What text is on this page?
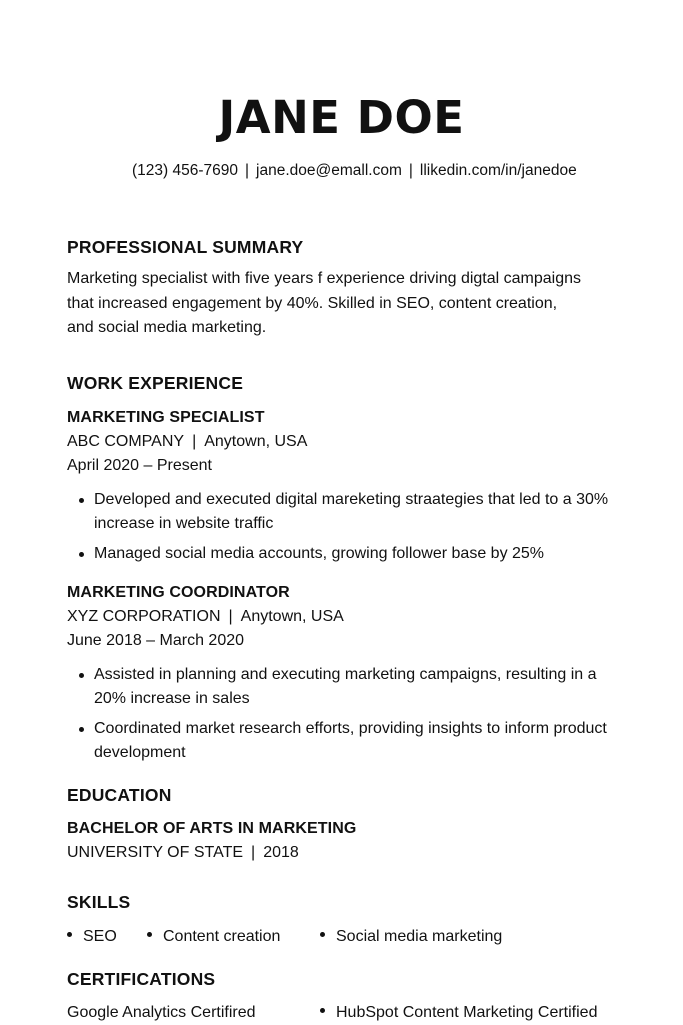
JANE DOE
(123) 456-7690 | jane.doe@emall.com | llikedin.com/in/janedoe
PROFESSIONAL SUMMARY

Marketing specialist with five years f experience driving digtal campaigns

that increased engagement by 40%. Skilled in SEO, content creation,

and social media marketing.

WORK EXPERIENCE

MARKETING SPECIALIST

ABC COMPANY | Anytown, USA

April 2020 – Present

Developed and executed digital mareketing straategies that led to a 30% increase in website traffic
Managed social media accounts, growing follower base by 25%

MARKETING COORDINATOR

XYZ CORPORATION | Anytown, USA

June 2018 – March 2020

Assisted in planning and executing marketing campaigns, resulting in a 20% increase in sales
Coordinated market research efforts, providing insights to inform product development
EDUCATION

BACHELOR OF ARTS IN MARKETING

UNIVERSITY OF STATE | 2018

SKILLS
SEO	Content creation	Social media marketing
CERTIFICATIONS
Google Analytics Certifired	HubSpot Content Marketing Certified
